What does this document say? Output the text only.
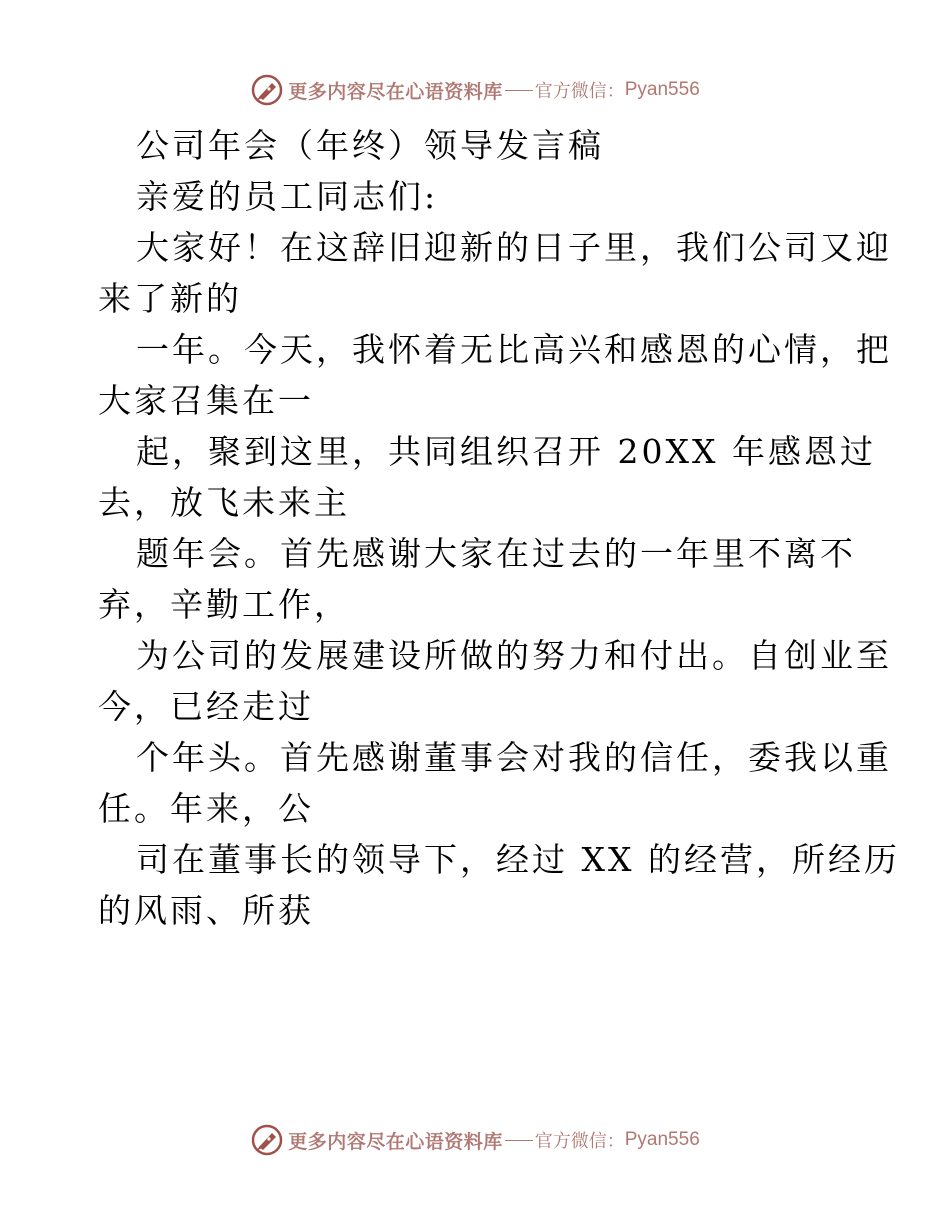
更多内容尽在心语资料库 官方微信： Pyan556
公司年会（年终）领导发言稿
亲爱的员工同志们:
大家好！在这辞旧迎新的日子里，我们公司又迎
来了新的
一年。今天，我怀着无比高兴和感恩的心情，把
大家召集在一
起，聚到这里，共同组织召开 20XX 年感恩过
去，放飞未来主
题年会。首先感谢大家在过去的一年里不离不
弃，辛勤工作，
为公司的发展建设所做的努力和付出。自创业至
今，已经走过
个年头。首先感谢董事会对我的信任，委我以重
任。年来，公
司在董事长的领导下，经过 XX 的经营，所经历
的风雨、所获
更多内容尽在心语资料库 官方微信： Pyan556
